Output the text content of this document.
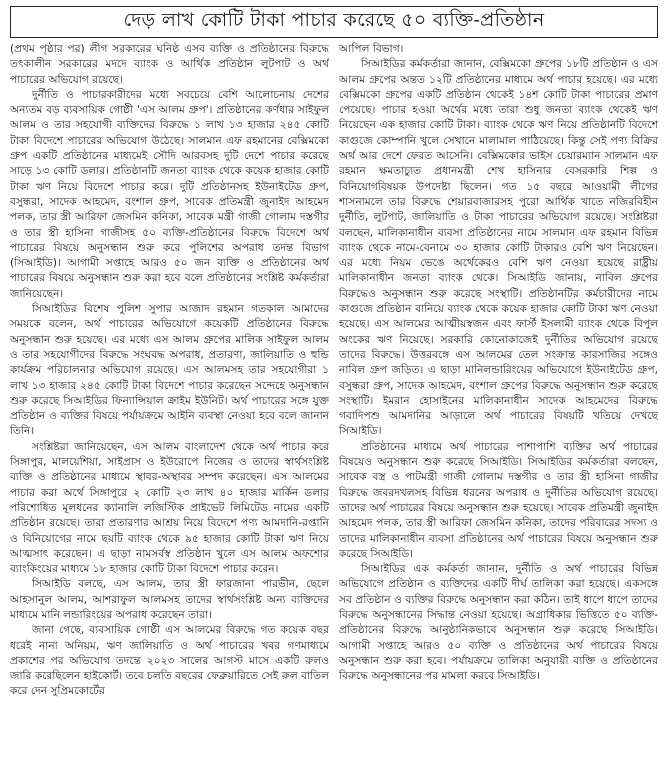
দেড় লাখ কোটি টাকা পাচার করেছে ৫০ ব্যক্তি-প্রতিষ্ঠান

(প্রথম পৃষ্ঠার পর) লীগ সরকারের ঘনিষ্ঠ এসব ব্যক্তি ও প্রতিষ্ঠানের বিরুদ্ধে তৎকালীন সরকারের মদদে ব্যাংক ও আর্থিক প্রতিষ্ঠান লুটপাট ও অর্থ পাচারের অভিযোগ রয়েছে।

দুর্নীতি ও পাচারকারীদের মধ্যে সবচেয়ে বেশি আলোচনায় দেশের অন্যতম বড় ব্যবসায়িক গোষ্ঠী 'এস আলম গ্রুপ'। প্রতিষ্ঠানের কর্ণধার সাইফুল আলম ও তার সহযোগী ব্যক্তিদের বিরুদ্ধে ১ লাখ ১৩ হাজার ২৪৫ কোটি টাকা বিদেশে পাচারের অভিযোগ উঠেছে। সালমান এফ রহমানের বেক্সিমকো গ্রুপ একটি প্রতিষ্ঠানের মাধ্যমেই সৌদি আরবসহ দুটি দেশে পাচার করেছে সাড়ে ১৩ কোটি ডলার। প্রতিষ্ঠানটি জনতা ব্যাংক থেকে কয়েক হাজার কোটি টাকা ঋণ নিয়ে বিদেশে পাচার করে। দুটি প্রতিষ্ঠানসহ ইউনাইটেড গ্রুপ, বসুন্ধরা, সাদেক আহমেদ, বংশাল গ্রুপ, সাবেক প্রতিমন্ত্রী জুনাইদ আহমেদ পলক, তার স্ত্রী আরিফা জেসমিন কনিকা, সাবেক মন্ত্রী গাজী গোলাম দস্তগীর ও তার স্ত্রী হাসিনা গাজীসহ ৫০ ব্যক্তি-প্রতিষ্ঠানের বিরুদ্ধে বিদেশে অর্থ পাচারের বিষয়ে অনুসন্ধান শুরু করে পুলিশের অপরাধ তদন্ত বিভাগ (সিআইডি)। আগামী সপ্তাহে আরও ৫০ জন ব্যক্তি ও প্রতিষ্ঠানের অর্থ পাচারের বিষয়ে অনুসন্ধান শুরু করা হবে বলে প্রতিষ্ঠানের সংশ্লিষ্ট কর্মকর্তারা জানিয়েছেন।

সিআইডির বিশেষ পুলিশ সুপার আজাদ রহমান গতকাল আমাদের সময়কে বলেন, অর্থ পাচারের অভিযোগে কয়েকটি প্রতিষ্ঠানের বিরুদ্ধে অনুসন্ধান শুরু হয়েছে। এর মধ্যে এস আলম গ্রুপের মালিক সাইফুল আলম ও তার সহযোগীদের বিরুদ্ধে সংঘবদ্ধ অপরাধ, প্রতারণা, জালিয়াতি ও হুন্ডি কার্যক্রম পরিচালনার অভিযোগ রয়েছে। এস আলমসহ তার সহযোগীরা ১ লাখ ১৩ হাজার ২৪৫ কোটি টাকা বিদেশে পাচার করেছেন সন্দেহে অনুসন্ধান শুরু করেছে সিআইডির ফিন্যান্সিয়াল ক্রাইম ইউনিট। অর্থ পাচারের সঙ্গে যুক্ত প্রতিষ্ঠান ও ব্যক্তির বিষয়ে পর্যায়ক্রমে আইনি ব্যবস্থা নেওয়া হবে বলে জানান তিনি।

সংশ্লিষ্টরা জানিয়েছেন, এস আলম বাংলাদেশ থেকে অর্থ পাচার করে সিঙ্গাপুর, মালয়েশিয়া, সাইপ্রাস ও ইউরোপে নিজের ও তাদের স্বার্থসংশ্লিষ্ট ব্যক্তি ও প্রতিষ্ঠানের মাধ্যমে স্থাবর-অস্থাবর সম্পদ করেছেন। এস আলমের পাচার করা অর্থে সিঙ্গাপুরে ২ কোটি ২৩ লাখ ৪০ হাজার মার্কিন ডলার পরিশোধিত মূলধনের ক্যানালি লজিস্টিক প্রাইভেট লিমিটেড নামের একটি প্রতিষ্ঠান রয়েছে। তারা প্রতারণার আশ্রয় নিয়ে বিদেশে পণ্য আমদানি-রপ্তানি ও বিনিয়োগের নামে ছয়টি ব্যাংক থেকে ৯৫ হাজার কোটি টাকা ঋণ নিয়ে আত্মসাৎ করেছেন। এ ছাড়া নামসর্বস্ব প্রতিষ্ঠান খুলে এস আলম অফশোর ব্যাংকিংয়ের মাধ্যমে ১৮ হাজার কোটি টাকা বিদেশে পাচার করেন।

সিআইডি বলছে, এস আলম, তার স্ত্রী ফারজানা পারভীন, ছেলে আহসানুল আলম, আশরাফুল আলমসহ তাদের স্বার্থসংশ্লিষ্ট অন্য ব্যক্তিদের মাধ্যমে মানি লন্ডারিংয়ের অপরাধ করেছেন তারা।

জানা গেছে, ব্যবসায়িক গোষ্ঠী এস আলমের বিরুদ্ধে গত কয়েক বছর ধরেই নানা অনিয়ম, ঋণ জালিয়াতি ও অর্থ পাচারের খবর গণমাধ্যমে প্রকাশের পর অভিযোগ তদন্তে ২০২৩ সালের আগস্ট মাসে একটি রুলও জারি করেছিলেন হাইকোর্ট। তবে চলতি বছরের ফেব্রুয়ারিতে সেই রুল বাতিল করে দেন সুপ্রিমকোর্টের

আপিল বিভাগ।

সিআইডির কর্মকর্তারা জানান, বেক্সিমকো গ্রুপের ১৮টি প্রতিষ্ঠান ও এস আলম গ্রুপের অন্তত ১২টি প্রতিষ্ঠানের মাধ্যমে অর্থ পাচার হয়েছে। এর মধ্যে বেক্সিমকো গ্রুপের একটি প্রতিষ্ঠান থেকেই ১৪শ কোটি টাকা পাচারের প্রমাণ পেয়েছে। পাচার হওয়া অর্থের মধ্যে তারা শুধু জনতা ব্যাংক থেকেই ঋণ নিয়েছেন এক হাজার কোটি টাকা। ব্যাংক থেকে ঋণ নিয়ে প্রতিষ্ঠানটি বিদেশে কাগুজে কোম্পানি খুলে সেখানে মালামাল পাঠিয়েছে। কিন্তু সেই পণ্য বিক্রির অর্থ আর দেশে ফেরত আসেনি। বেক্সিমকোর ভাইস চেয়ারম্যান সালমান এফ রহমান ক্ষমতাচ্যুত প্রধানমন্ত্রী শেখ হাসিনার বেসরকারি শিল্প ও বিনিয়োগবিষয়ক উপদেষ্টা ছিলেন। গত ১৫ বছরে আওয়ামী লীগের শাসনামলে তার বিরুদ্ধে শেয়ারবাজারসহ পুরো আর্থিক খাতে নজিরবিহীন দুর্নীতি, লুটপাট, জালিয়াতি ও টাকা পাচারের অভিযোগ রয়েছে। সংশ্লিষ্টরা বলছেন, মালিকানাধীন ব্যবসা প্রতিষ্ঠানের নামে সালমান এফ রহমান বিভিন্ন ব্যাংক থেকে নামে-বেনামে ৩০ হাজার কোটি টাকারও বেশি ঋণ নিয়েছেন। এর মধ্যে নিয়ম ভেঙে অর্থেকেরও বেশি ঋণ নেওয়া হয়েছে রাষ্ট্রীয় মালিকানাধীন জনতা ব্যাংক থেকে। সিআইডি জানায়, নাবিল গ্রুপের বিরুদ্ধেও অনুসন্ধান শুরু করেছে সংস্থাটি। প্রতিষ্ঠানটির কর্মচারীদের নামে কাগুজে প্রতিষ্ঠান বানিয়ে ব্যাংক থেকে কয়েক হাজার কোটি টাকা ঋণ নেওয়া হয়েছে। এস আলমের আত্মীয়স্বজন এবং ফার্স্ট ইসলামী ব্যাংক থেকে বিপুল অংকের ঋণ নিয়েছে। সরকারি কোনোকাজেই দুর্নীতির অভিযোগ রয়েছে তাদের বিরুদ্ধে। উত্তরবঙ্গে এস আলমের তেল সংক্রান্ত কারসাজির সঙ্গেও নাবিল গ্রুপ জড়িত। এ ছাড়া মানিলন্ডারিংয়ের অভিযোগে ইউনাইটেড গ্রুপ, বসুন্ধরা গ্রুপ, সাদেক আহমেদ, বংশাল গ্রুপের বিরুদ্ধে অনুসন্ধান শুরু করেছে সংস্থাটি। ইমরান হোসাইনের মালিকানাধীন সাদেক আহমেদের বিরুদ্ধে গবাদিপশু আমদানির আড়ালে অর্থ পাচারের বিষয়টি খতিয়ে দেখছে সিআইডি।

প্রতিষ্ঠানের মাধ্যমে অর্থ পাচারের পাশাপাশি ব্যক্তির অর্থ পাচারের বিষয়েও অনুসন্ধান শুরু করেছে সিআইডি। সিআইডির কর্মকর্তারা বলছেন, সাবেক বস্ত্র ও পাটমন্ত্রী গাজী গোলাম দস্তগীর ও তার স্ত্রী হাসিনা গাজীর বিরুদ্ধে জবরদখলসহ বিভিন্ন ধরনের অপরাধ ও দুর্নীতির অভিযোগ রয়েছে। তাদের অর্থ পাচারের বিষয়ে অনুসন্ধান শুরু হয়েছে। সাবেক প্রতিমন্ত্রী জুনাইদ আহমেদ পলক, তার স্ত্রী আরিফা জেসমিন কনিকা, তাদের পরিবারের সদস্য ও তাদের মালিকানাধীন ব্যবসা প্রতিষ্ঠানের অর্থ পাচারের বিষয়ে অনুসন্ধান শুরু করেছে সিআইডি।

সিআইডির এক কর্মকর্তা জানান, দুর্নীতি ও অর্থ পাচারের বিভিন্ন অভিযোগে প্রতিষ্ঠান ও ব্যক্তিদের একটি দীর্ঘ তালিকা করা হয়েছে। একসঙ্গে সব প্রতিষ্ঠান ও ব্যক্তির বিরুদ্ধে অনুসন্ধান করা কঠিন। তাই ধাপে ধাপে তাদের বিরুদ্ধে অনুসন্ধানের সিদ্ধান্ত নেওয়া হয়েছে। অগ্রাধিকার ভিত্তিতে ৫০ ব্যক্তি-প্রতিষ্ঠানের বিরুদ্ধে আনুষ্ঠানিকভাবে অনুসন্ধান শুরু করেছে সিআইডি। আগামী সপ্তাহে আরও ৫০ ব্যক্তি ও প্রতিষ্ঠানের অর্থ পাচারের বিষয়ে অনুসন্ধান শুরু করা হবে। পর্যায়ক্রমে তালিকা অনুযায়ী ব্যক্তি ও প্রতিষ্ঠানের বিরুদ্ধে অনুসন্ধানের পর মামলা করবে সিআইডি।
